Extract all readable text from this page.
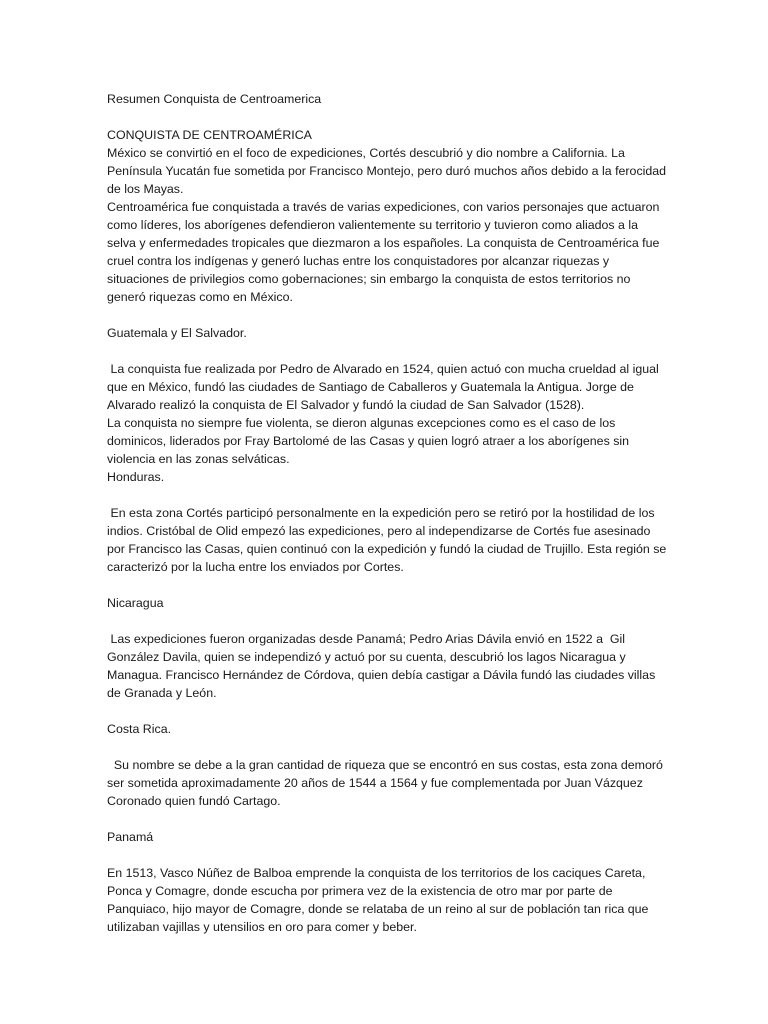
Resumen Conquista de Centroamerica

CONQUISTA DE CENTROAMÉRICA

México se convirtió en el foco de expediciones, Cortés descubrió y dio nombre a California. La Península Yucatán fue sometida por Francisco Montejo, pero duró muchos años debido a la ferocidad de los Mayas.

Centroamérica fue conquistada a través de varias expediciones, con varios personajes que actuaron como líderes, los aborígenes defendieron valientemente su territorio y tuvieron como aliados a la selva y enfermedades tropicales que diezmaron a los españoles. La conquista de Centroamérica fue cruel contra los indígenas y generó luchas entre los conquistadores por alcanzar riquezas y situaciones de privilegios como gobernaciones; sin embargo la conquista de estos territorios no generó riquezas como en México.

Guatemala y El Salvador.

La conquista fue realizada por Pedro de Alvarado en 1524, quien actuó con mucha crueldad al igual que en México, fundó las ciudades de Santiago de Caballeros y Guatemala la Antigua. Jorge de Alvarado realizó la conquista de El Salvador y fundó la ciudad de San Salvador (1528).

La conquista no siempre fue violenta, se dieron algunas excepciones como es el caso de los dominicos, liderados por Fray Bartolomé de las Casas y quien logró atraer a los aborígenes sin violencia en las zonas selváticas.

Honduras.

En esta zona Cortés participó personalmente en la expedición pero se retiró por la hostilidad de los indios. Cristóbal de Olid empezó las expediciones, pero al independizarse de Cortés fue asesinado por Francisco las Casas, quien continuó con la expedición y fundó la ciudad de Trujillo. Esta región se caracterizó por la lucha entre los enviados por Cortes.

Nicaragua

Las expediciones fueron organizadas desde Panamá; Pedro Arias Dávila envió en 1522 a  Gil González Davila, quien se independizó y actuó por su cuenta, descubrió los lagos Nicaragua y Managua. Francisco Hernández de Córdova, quien debía castigar a Dávila fundó las ciudades villas de Granada y León.

Costa Rica.

Su nombre se debe a la gran cantidad de riqueza que se encontró en sus costas, esta zona demoró ser sometida aproximadamente 20 años de 1544 a 1564 y fue complementada por Juan Vázquez Coronado quien fundó Cartago.

Panamá

En 1513, Vasco Núñez de Balboa emprende la conquista de los territorios de los caciques Careta, Ponca y Comagre, donde escucha por primera vez de la existencia de otro mar por parte de Panquiaco, hijo mayor de Comagre, donde se relataba de un reino al sur de población tan rica que utilizaban vajillas y utensilios en oro para comer y beber.
